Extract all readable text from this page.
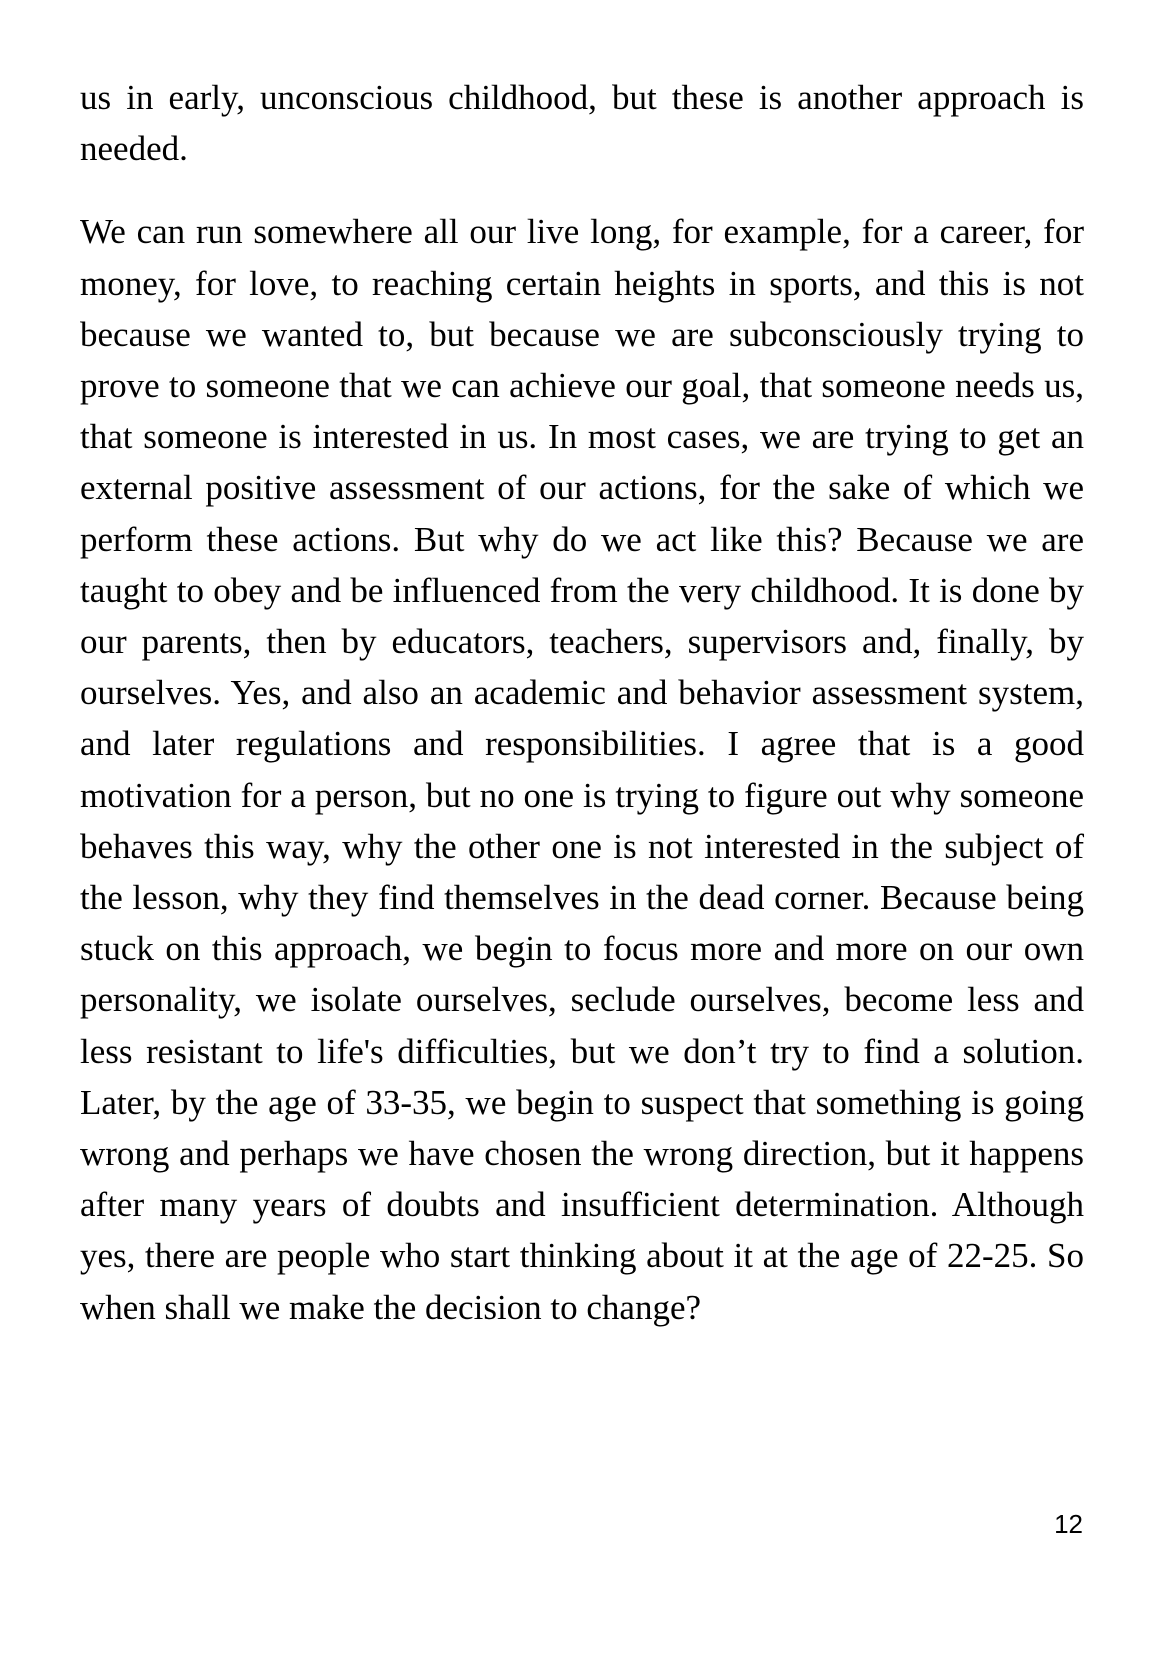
us in early, unconscious childhood, but these is another approach is needed.

We can run somewhere all our live long, for example, for a career, for money, for love, to reaching certain heights in sports, and this is not because we wanted to, but because we are subconsciously trying to prove to someone that we can achieve our goal, that someone needs us, that someone is interested in us. In most cases, we are trying to get an external positive assessment of our actions, for the sake of which we perform these actions. But why do we act like this? Because we are taught to obey and be influenced from the very childhood. It is done by our parents, then by educators, teachers, supervisors and, finally, by ourselves. Yes, and also an academic and behavior assessment system, and later regulations and responsibilities. I agree that is a good motivation for a person, but no one is trying to figure out why someone behaves this way, why the other one is not interested in the subject of the lesson, why they find themselves in the dead corner. Because being stuck on this approach, we begin to focus more and more on our own personality, we isolate ourselves, seclude ourselves, become less and less resistant to life's difficulties, but we don’t try to find a solution. Later, by the age of 33-35, we begin to suspect that something is going wrong and perhaps we have chosen the wrong direction, but it happens after many years of doubts and insufficient determination. Although yes, there are people who start thinking about it at the age of 22-25. So when shall we make the decision to change?

12
